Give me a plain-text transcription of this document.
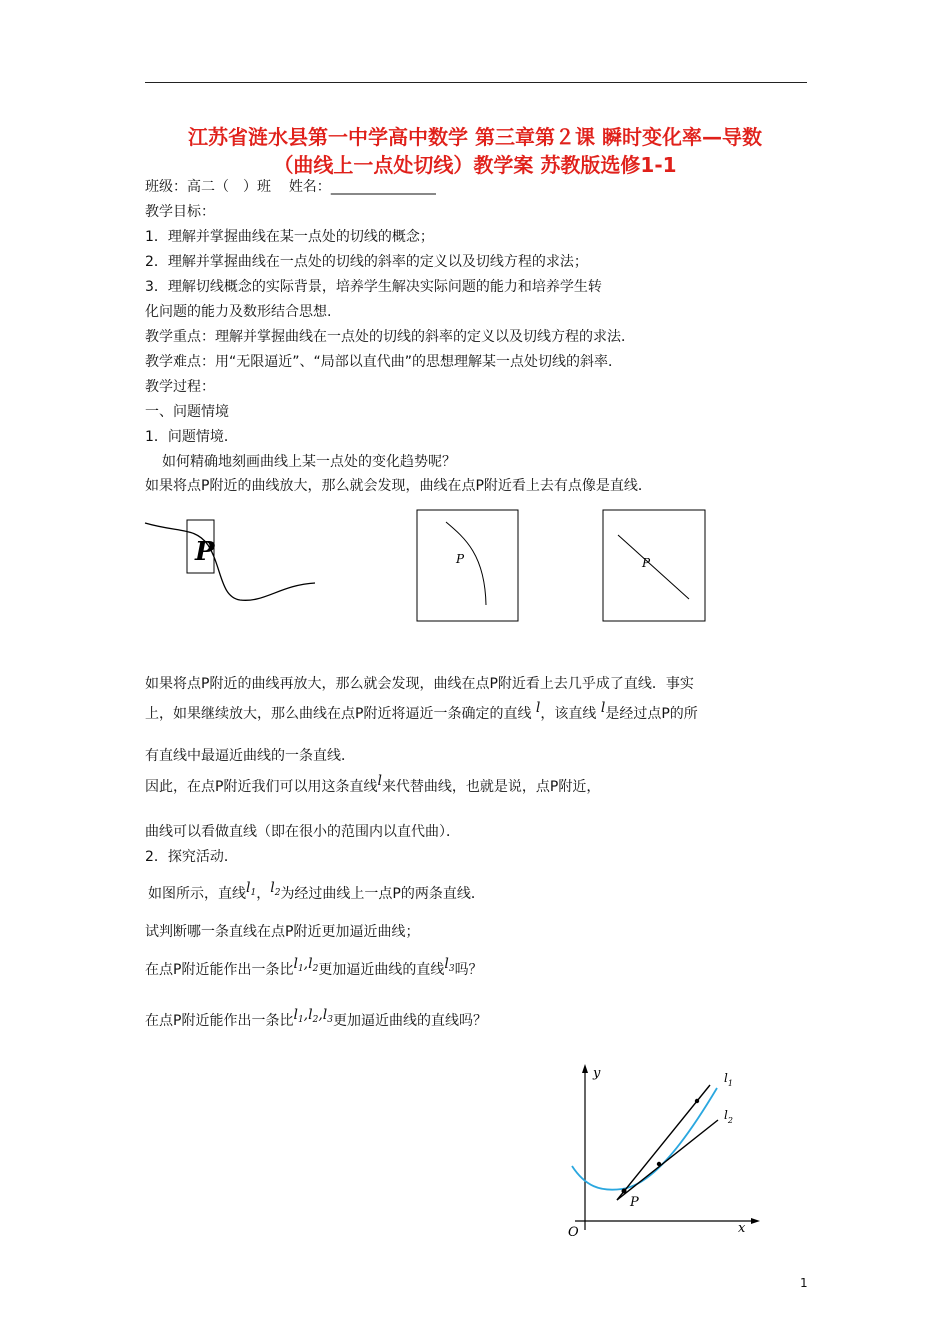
江苏省涟水县第一中学高中数学 第三章第２课 瞬时变化率—导数
（曲线上一点处切线）教学案 苏教版选修1-1
班级：高二（　）班 姓名：_______________
教学目标：
1．理解并掌握曲线在某一点处的切线的概念；
2．理解并掌握曲线在一点处的切线的斜率的定义以及切线方程的求法；
3．理解切线概念的实际背景，培养学生解决实际问题的能力和培养学生转
化问题的能力及数形结合思想.
教学重点：理解并掌握曲线在一点处的切线的斜率的定义以及切线方程的求法．
教学难点：用“无限逼近”、“局部以直代曲”的思想理解某一点处切线的斜率．
教学过程：
一、问题情境
1．问题情境．
如何精确地刻画曲线上某一点处的变化趋势呢？
如果将点P附近的曲线放大，那么就会发现，曲线在点P附近看上去有点像是直线．
P	P	P
如果将点P附近的曲线再放大，那么就会发现，曲线在点P附近看上去几乎成了直线．事实
上，如果继续放大，那么曲线在点P附近将逼近一条确定的直线 l，该直线 l是经过点P的所
有直线中最逼近曲线的一条直线．
因此，在点P附近我们可以用这条直线l来代替曲线，也就是说，点P附近，
曲线可以看做直线（即在很小的范围内以直代曲）．
2．探究活动．
如图所示，直线$l_1$，$l_2$为经过曲线上一点P的两条直线．
试判断哪一条直线在点P附近更加逼近曲线；
在点P附近能作出一条比$l_1,l_2$更加逼近曲线的直线$l_3$吗？
在点P附近能作出一条比$l_1,l_2,l_3$更加逼近曲线的直线吗？
y
x
O
P
$l_1$
$l_2$
1
